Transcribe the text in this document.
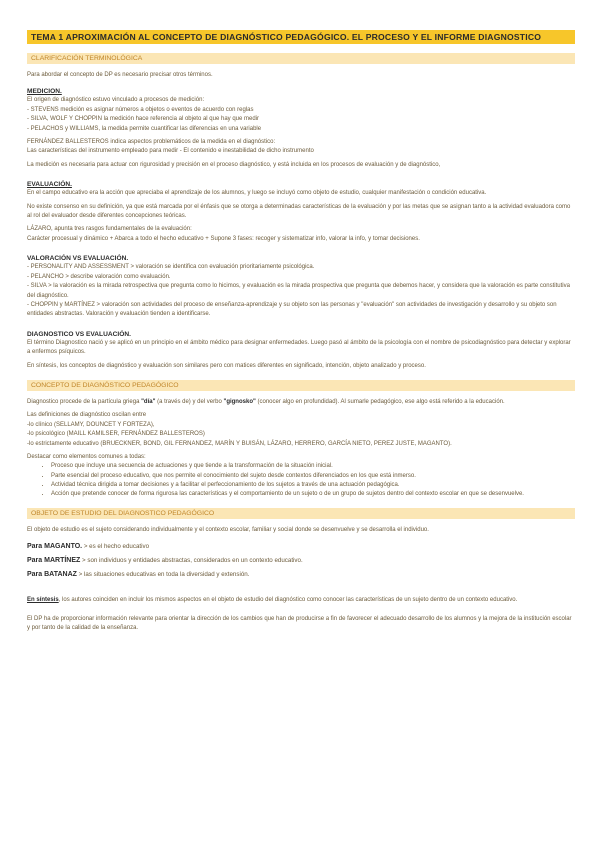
TEMA 1 APROXIMACIÓN AL CONCEPTO DE DIAGNÓSTICO PEDAGÓGICO. EL PROCESO Y EL INFORME DIAGNOSTICO
CLARIFICACIÓN TERMINOLÓGICA

Para abordar el concepto de DP es necesario precisar otros términos.

MEDICION.

El origen de diagnóstico estuvo vinculado a procesos de medición:

- STEVENS medición es asignar números a objetos o eventos de acuerdo con reglas

- SILVA, WOLF Y CHOPPIN la medición hace referencia al objeto al que hay que medir

- PELACHOS y WILLIAMS, la medida permite cuantificar las diferencias en una variable

FERNÁNDEZ BALLESTEROS indica aspectos problemáticos de la medida en el diagnóstico:

Las características del instrumento empleado para medir - El contenido e inestabilidad de dicho instrumento

La medición es necesaria para actuar con rigurosidad y precisión en el proceso diagnóstico, y está incluida en los procesos de evaluación y de diagnóstico,

EVALUACIÓN.

En el campo educativo era la acción que apreciaba el aprendizaje de los alumnos, y luego se incluyó como objeto de estudio, cualquier manifestación o condición educativa.

No existe consenso en su definición, ya que está marcada por el énfasis que se otorga a determinadas características de la evaluación y por las metas que se asignan tanto a la actividad evaluadora como al rol del evaluador desde diferentes concepciones teóricas.

LÁZARO, apunta tres rasgos fundamentales de la evaluación:

Carácter procesual y dinámico + Abarca a todo el hecho educativo + Supone 3 fases: recoger y sistematizar info, valorar la info, y tomar decisiones.

VALORACIÓN VS EVALUACIÓN.

- PERSONALITY AND ASSESSMENT > valoración se identifica con evaluación prioritariamente psicológica.

- PELANCHO > describe valoración como evaluación.

- SILVA > la valoración es la mirada retrospectiva que pregunta como lo hicimos, y evaluación es la mirada prospectiva que pregunta que debemos hacer, y considera que la valoración es parte constitutiva del diagnóstico.

- CHOPPIN y MARTÍNEZ > valoración son actividades del proceso de enseñanza-aprendizaje y su objeto son las personas y "evaluación" son actividades de investigación y desarrollo y su objeto son entidades abstractas. Valoración y evaluación tienden a identificarse.

DIAGNOSTICO VS EVALUACIÓN.

El término Diagnostico nació y se aplicó en un principio en el ámbito médico para designar enfermedades. Luego pasó al ámbito de la psicología con el nombre de psicodiagnóstico para detectar y explorar a enfermos psíquicos.

En síntesis, los conceptos de diagnóstico y evaluación son similares pero con matices diferentes en significado, intención, objeto analizado y proceso.

CONCEPTO DE DIAGNÓSTICO PEDAGÓGICO

Diagnostico procede de la partícula griega "día" (a través de) y del verbo "gignosko" (conocer algo en profundidad). Al sumarle pedagógico, ese algo está referido a la educación.

Las definiciones de diagnóstico oscilan entre

-lo clínico (SELLAMY, DOUNCET Y FORTEZA),

-lo psicológico (MAILL KAMILSER, FERNÁNDEZ BALLESTEROS)

-lo estrictamente educativo (BRUECKNER, BOND, GIL FERNANDEZ, MARÍN Y BUISÁN, LÁZARO, HERRERO, GARCÍA NIETO, PEREZ JUSTE, MAGANTO).

Destacar como elementos comunes a todas:

• Proceso que incluye una secuencia de actuaciones y que tiende a la transformación de la situación inicial.
• Parte esencial del proceso educativo, que nos permite el conocimiento del sujeto desde contextos diferenciados en los que está inmerso.
• Actividad técnica dirigida a tomar decisiones y a facilitar el perfeccionamiento de los sujetos a través de una actuación pedagógica.
• Acción que pretende conocer de forma rigurosa las características y el comportamiento de un sujeto o de un grupo de sujetos dentro del contexto escolar en que se desenvuelve.
OBJETO DE ESTUDIO DEL DIAGNOSTICO PEDAGÓGICO

El objeto de estudio es el sujeto considerando individualmente y el contexto escolar, familiar y social donde se desenvuelve y se desarrolla el individuo.

Para MAGANTO. > es el hecho educativo
Para MARTÍNEZ > son individuos y entidades abstractas, considerados en un contexto educativo.
Para BATANAZ > las situaciones educativas en toda la diversidad y extensión.

En síntesis, los autores coinciden en incluir los mismos aspectos en el objeto de estudio del diagnóstico como conocer las características de un sujeto dentro de un contexto educativo.

El DP ha de proporcionar información relevante para orientar la dirección de los cambios que han de producirse a fin de favorecer el adecuado desarrollo de los alumnos y la mejora de la institución escolar y por tanto de la calidad de la enseñanza.
